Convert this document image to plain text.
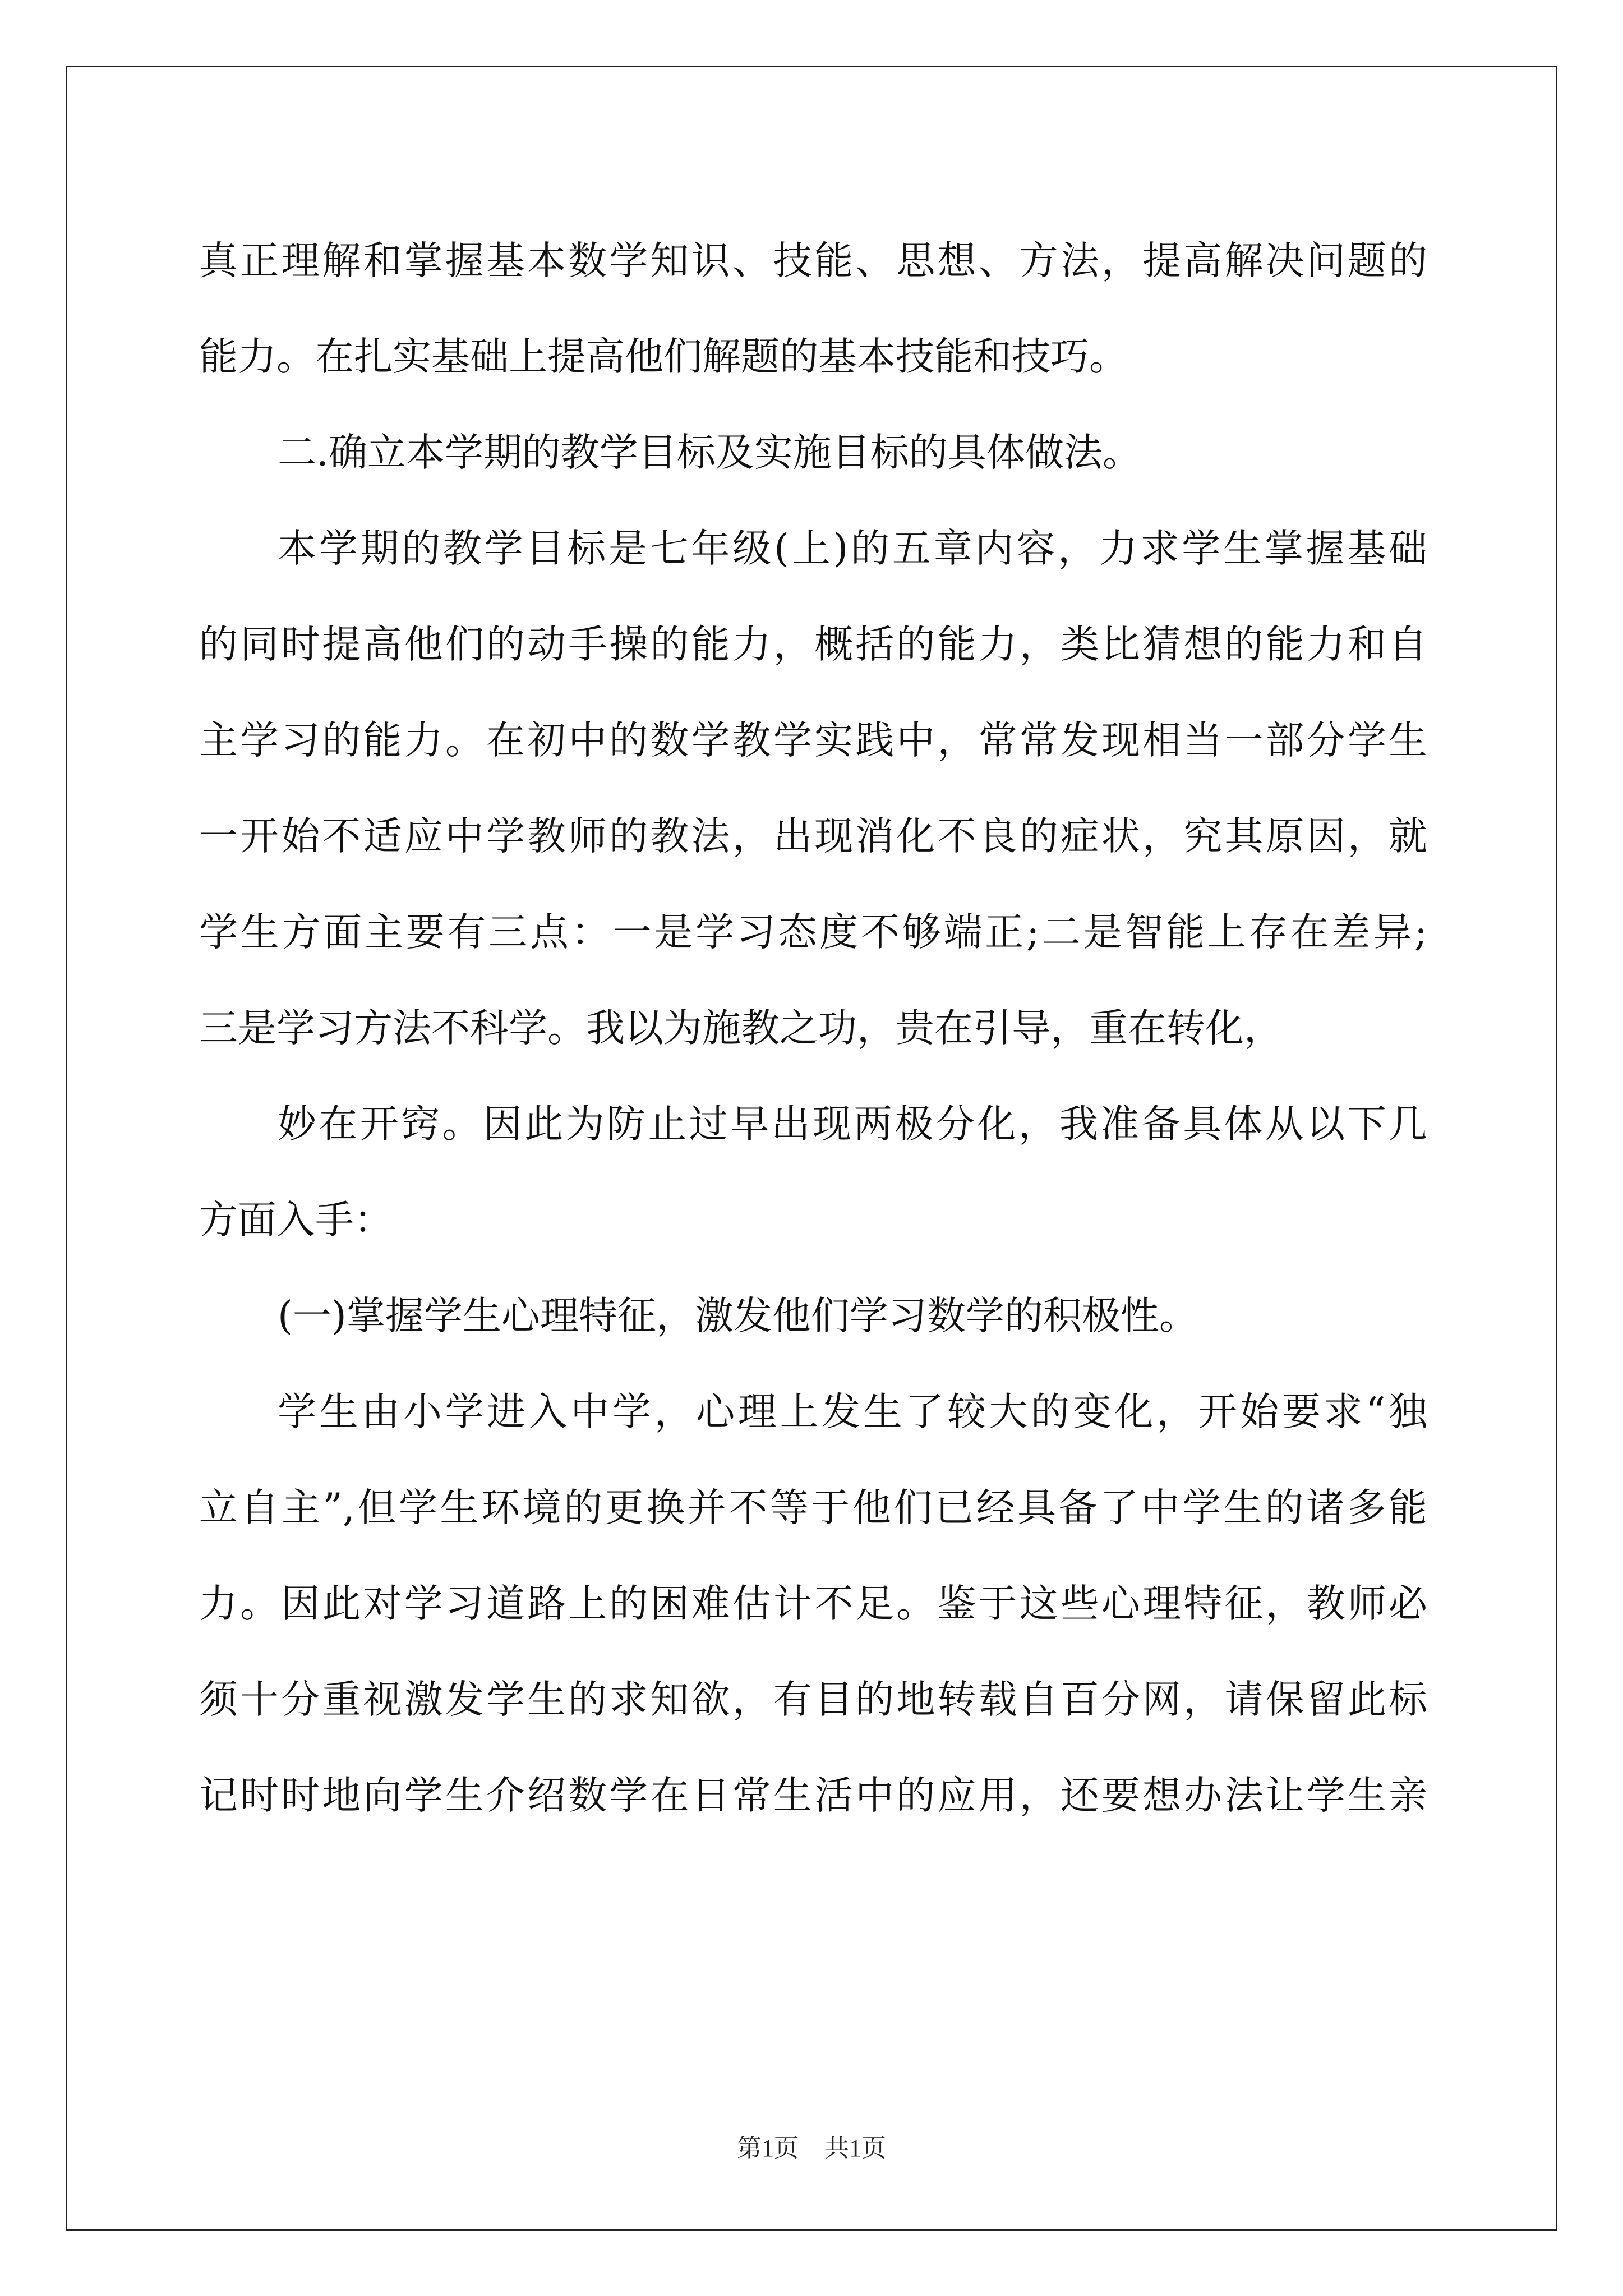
真正理解和掌握基本数学知识、技能、思想、方法，提高解决问题的
能力。在扎实基础上提高他们解题的基本技能和技巧。
二.确立本学期的教学目标及实施目标的具体做法。
本学期的教学目标是七年级(上)的五章内容，力求学生掌握基础
的同时提高他们的动手操的能力，概括的能力，类比猜想的能力和自
主学习的能力。在初中的数学教学实践中，常常发现相当一部分学生
一开始不适应中学教师的教法，出现消化不良的症状，究其原因，就
学生方面主要有三点：一是学习态度不够端正;二是智能上存在差异;
三是学习方法不科学。我以为施教之功，贵在引导，重在转化，
妙在开窍。因此为防止过早出现两极分化，我准备具体从以下几
方面入手：
(一)掌握学生心理特征，激发他们学习数学的积极性。
学生由小学进入中学，心理上发生了较大的变化，开始要求“独
立自主”,但学生环境的更换并不等于他们已经具备了中学生的诸多能
力。因此对学习道路上的困难估计不足。鉴于这些心理特征，教师必
须十分重视激发学生的求知欲，有目的地转载自百分网，请保留此标
记时时地向学生介绍数学在日常生活中的应用，还要想办法让学生亲
第1页 共1页
